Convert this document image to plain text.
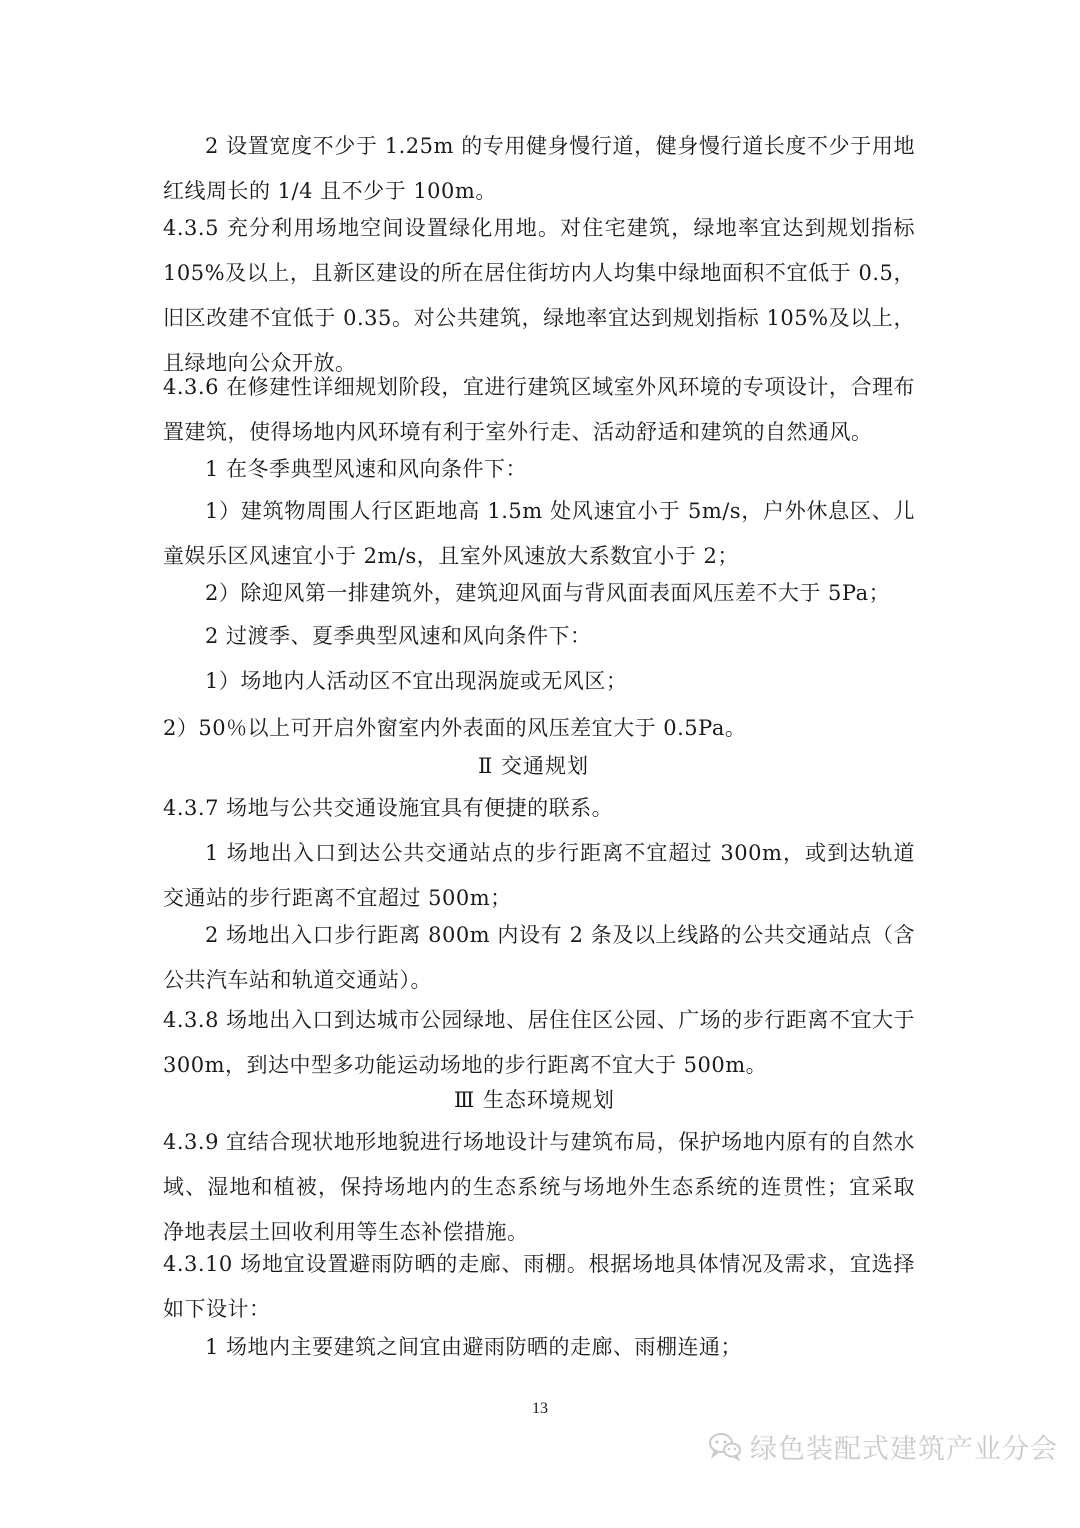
2 设置宽度不少于 1.25m 的专用健身慢行道，健身慢行道长度不少于用地红线周长的 1/4 且不少于 100m。

4.3.5 充分利用场地空间设置绿化用地。对住宅建筑，绿地率宜达到规划指标 105%及以上，且新区建设的所在居住街坊内人均集中绿地面积不宜低于 0.5，旧区改建不宜低于 0.35。对公共建筑，绿地率宜达到规划指标 105%及以上，且绿地向公众开放。

4.3.6 在修建性详细规划阶段，宜进行建筑区域室外风环境的专项设计，合理布置建筑，使得场地内风环境有利于室外行走、活动舒适和建筑的自然通风。

1 在冬季典型风速和风向条件下：

1）建筑物周围人行区距地高 1.5m 处风速宜小于 5m/s，户外休息区、儿童娱乐区风速宜小于 2m/s，且室外风速放大系数宜小于 2；

2）除迎风第一排建筑外，建筑迎风面与背风面表面风压差不大于 5Pa；

2 过渡季、夏季典型风速和风向条件下：

1）场地内人活动区不宜出现涡旋或无风区；

2）50％以上可开启外窗室内外表面的风压差宜大于 0.5Pa。

Ⅱ 交通规划

4.3.7 场地与公共交通设施宜具有便捷的联系。

1 场地出入口到达公共交通站点的步行距离不宜超过 300m，或到达轨道交通站的步行距离不宜超过 500m；

2 场地出入口步行距离 800m 内设有 2 条及以上线路的公共交通站点（含公共汽车站和轨道交通站）。

4.3.8 场地出入口到达城市公园绿地、居住住区公园、广场的步行距离不宜大于 300m，到达中型多功能运动场地的步行距离不宜大于 500m。

Ⅲ 生态环境规划

4.3.9 宜结合现状地形地貌进行场地设计与建筑布局，保护场地内原有的自然水域、湿地和植被，保持场地内的生态系统与场地外生态系统的连贯性；宜采取净地表层土回收利用等生态补偿措施。

4.3.10 场地宜设置避雨防晒的走廊、雨棚。根据场地具体情况及需求，宜选择如下设计：

1 场地内主要建筑之间宜由避雨防晒的走廊、雨棚连通；

13
绿色装配式建筑产业分会
